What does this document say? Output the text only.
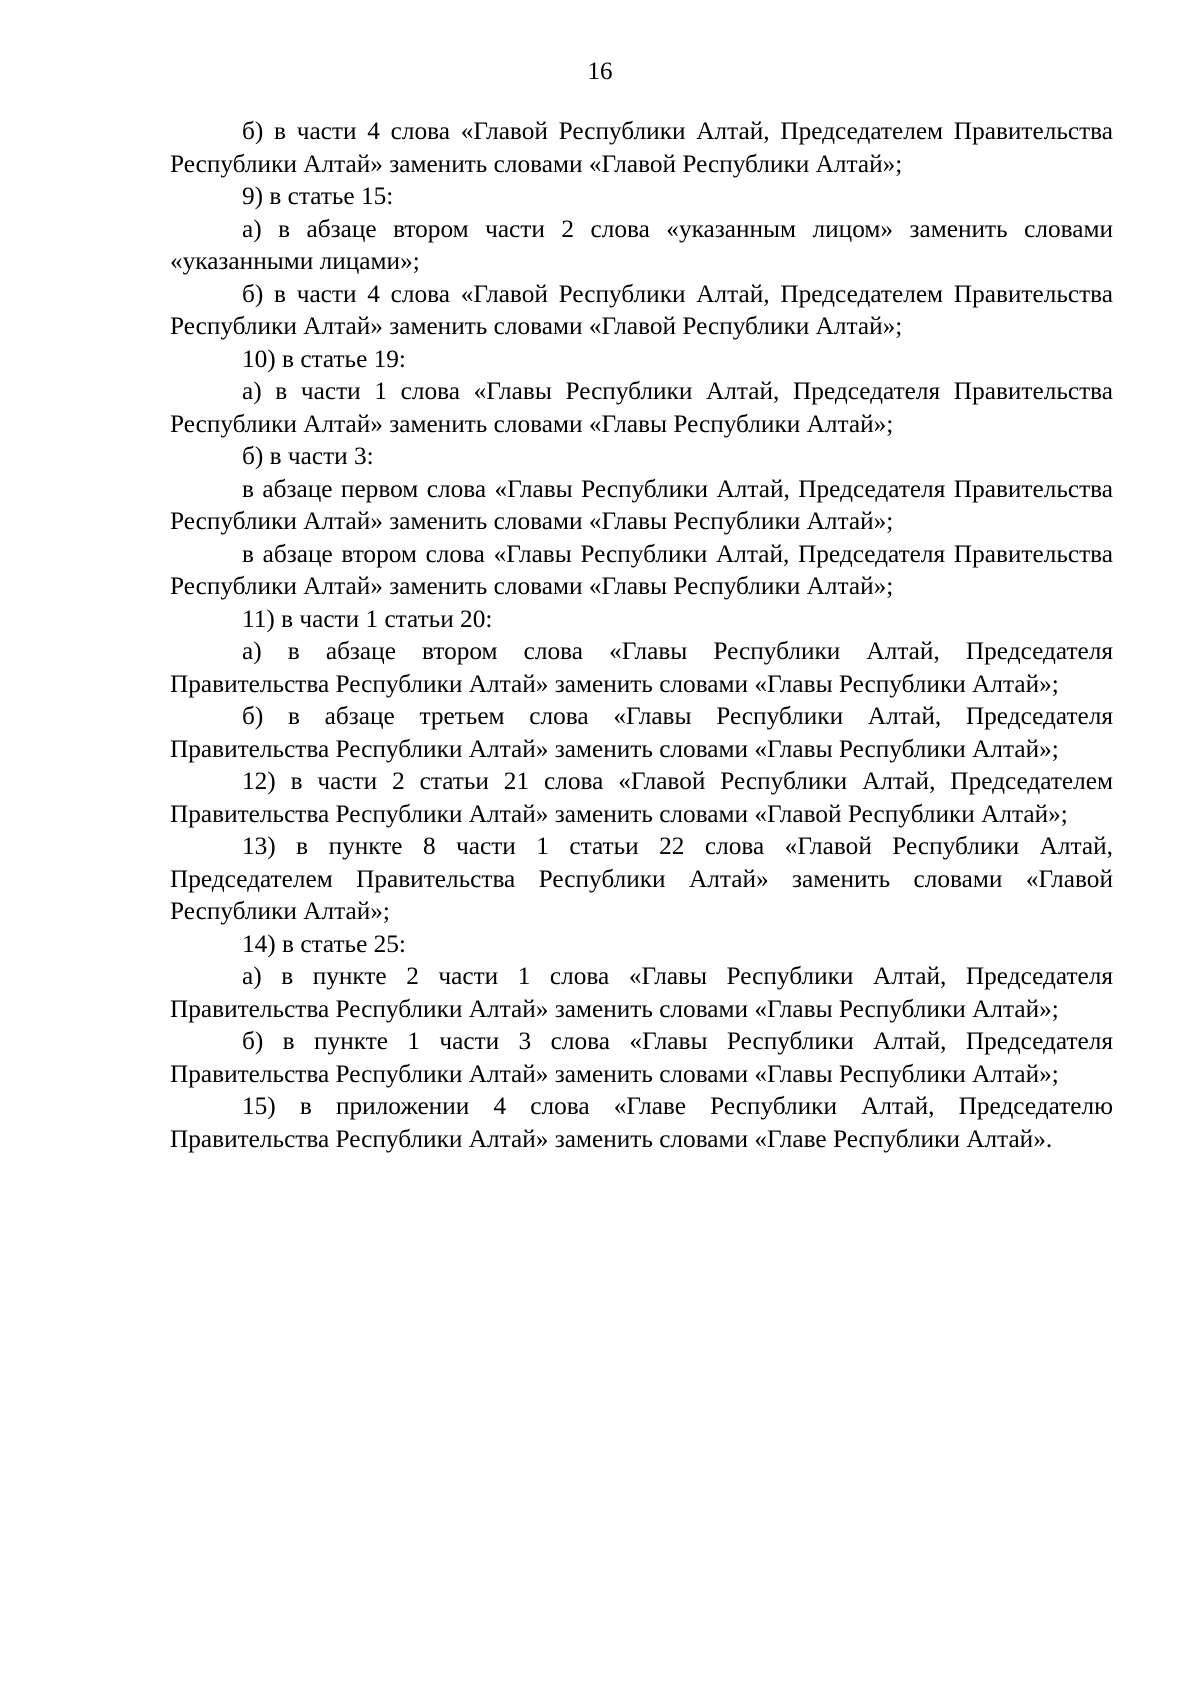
16

б) в части 4 слова «Главой Республики Алтай, Председателем Правительства Республики Алтай» заменить словами «Главой Республики Алтай»;

9) в статье 15:

а) в абзаце втором части 2 слова «указанным лицом» заменить словами «указанными лицами»;

б) в части 4 слова «Главой Республики Алтай, Председателем Правительства Республики Алтай» заменить словами «Главой Республики Алтай»;

10) в статье 19:

а) в части 1 слова «Главы Республики Алтай, Председателя Правительства Республики Алтай» заменить словами «Главы Республики Алтай»;

б) в части 3:

в абзаце первом слова «Главы Республики Алтай, Председателя Правительства Республики Алтай» заменить словами «Главы Республики Алтай»;

в абзаце втором слова «Главы Республики Алтай, Председателя Правительства Республики Алтай» заменить словами «Главы Республики Алтай»;

11) в части 1 статьи 20:

а) в абзаце втором слова «Главы Республики Алтай, Председателя Правительства Республики Алтай» заменить словами «Главы Республики Алтай»;

б) в абзаце третьем слова «Главы Республики Алтай, Председателя Правительства Республики Алтай» заменить словами «Главы Республики Алтай»;

12) в части 2 статьи 21 слова «Главой Республики Алтай, Председателем Правительства Республики Алтай» заменить словами «Главой Республики Алтай»;

13) в пункте 8 части 1 статьи 22 слова «Главой Республики Алтай, Председателем Правительства Республики Алтай» заменить словами «Главой Республики Алтай»;

14) в статье 25:

а) в пункте 2 части 1 слова «Главы Республики Алтай, Председателя Правительства Республики Алтай» заменить словами «Главы Республики Алтай»;

б) в пункте 1 части 3 слова «Главы Республики Алтай, Председателя Правительства Республики Алтай» заменить словами «Главы Республики Алтай»;

15) в приложении 4 слова «Главе Республики Алтай, Председателю Правительства Республики Алтай» заменить словами «Главе Республики Алтай».
